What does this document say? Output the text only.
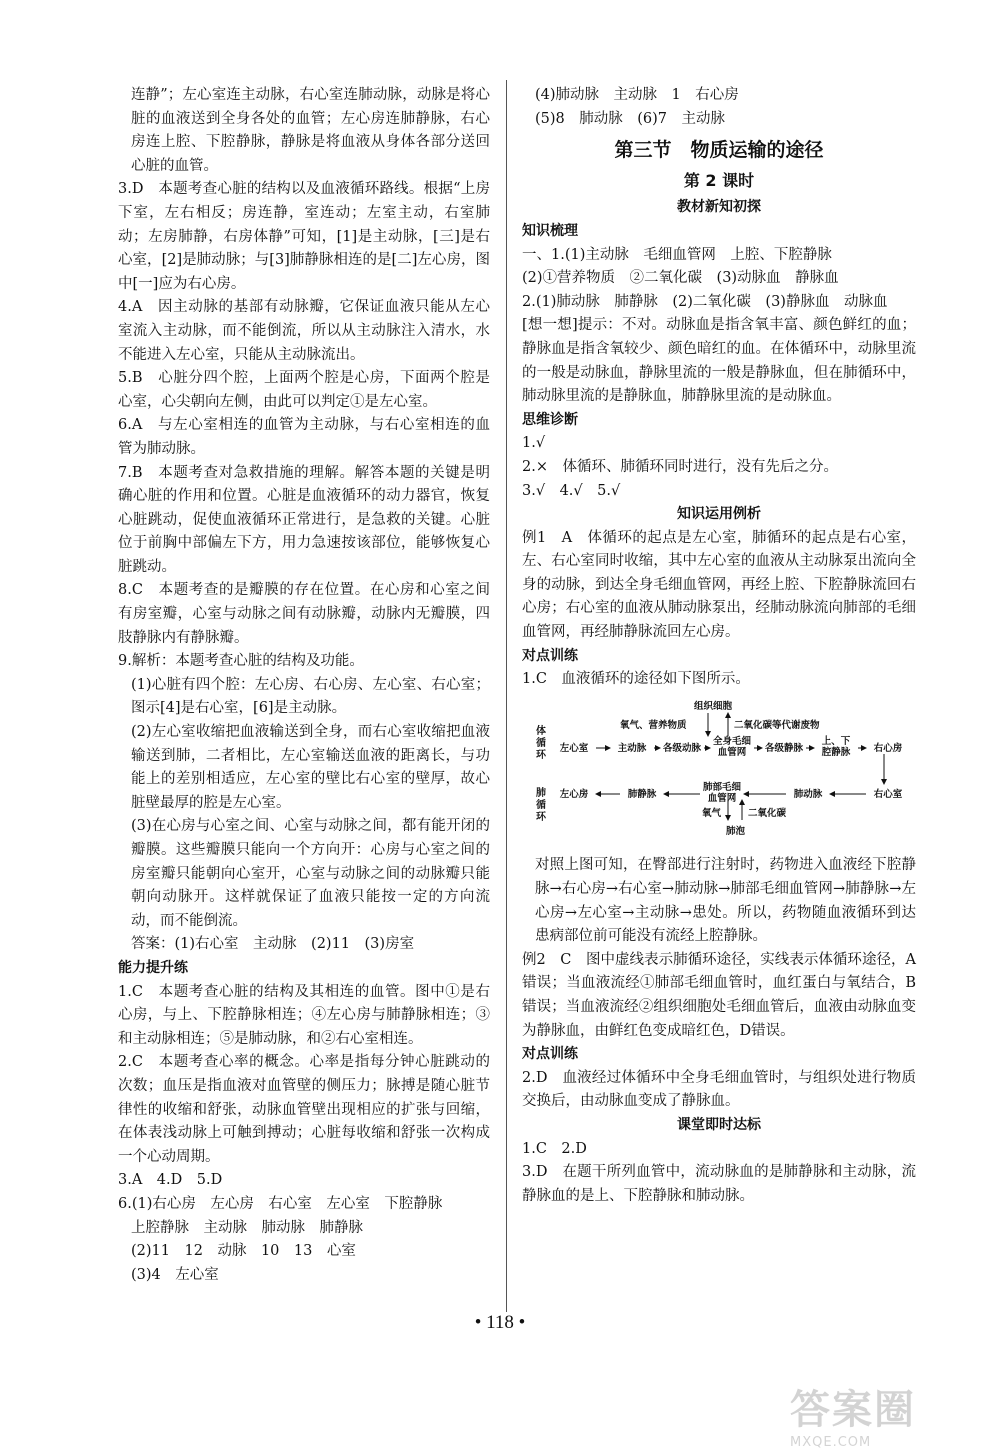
连静”；左心室连主动脉，右心室连肺动脉，动脉是将心脏的血液送到全身各处的血管；左心房连肺静脉，右心房连上腔、下腔静脉，静脉是将血液从身体各部分送回心脏的血管。

3.D　本题考查心脏的结构以及血液循环路线。根据“上房下室，左右相反；房连静，室连动；左室主动，右室肺动；左房肺静，右房体静”可知，[1]是主动脉，[三]是右心室，[2]是肺动脉；与[3]肺静脉相连的是[二]左心房，图中[一]应为右心房。

4.A　因主动脉的基部有动脉瓣，它保证血液只能从左心室流入主动脉，而不能倒流，所以从主动脉注入清水，水不能进入左心室，只能从主动脉流出。

5.B　心脏分四个腔，上面两个腔是心房，下面两个腔是心室，心尖朝向左侧，由此可以判定①是左心室。

6.A　与左心室相连的血管为主动脉，与右心室相连的血管为肺动脉。

7.B　本题考查对急救措施的理解。解答本题的关键是明确心脏的作用和位置。心脏是血液循环的动力器官，恢复心脏跳动，促使血液循环正常进行，是急救的关键。心脏位于前胸中部偏左下方，用力急速按该部位，能够恢复心脏跳动。

8.C　本题考查的是瓣膜的存在位置。在心房和心室之间有房室瓣，心室与动脉之间有动脉瓣，动脉内无瓣膜，四肢静脉内有静脉瓣。

9.解析：本题考查心脏的结构及功能。

(1)心脏有四个腔：左心房、右心房、左心室、右心室；图示[4]是右心室，[6]是主动脉。

(2)左心室收缩把血液输送到全身，而右心室收缩把血液输送到肺，二者相比，左心室输送血液的距离长，与功能上的差别相适应，左心室的壁比右心室的壁厚，故心脏壁最厚的腔是左心室。

(3)在心房与心室之间、心室与动脉之间，都有能开闭的瓣膜。这些瓣膜只能向一个方向开：心房与心室之间的房室瓣只能朝向心室开，心室与动脉之间的动脉瓣只能朝向动脉开。这样就保证了血液只能按一定的方向流动，而不能倒流。

答案：(1)右心室　主动脉　(2)11　(3)房室

能力提升练

1.C　本题考查心脏的结构及其相连的血管。图中①是右心房，与上、下腔静脉相连；④左心房与肺静脉相连；③和主动脉相连；⑤是肺动脉，和②右心室相连。

2.C　本题考查心率的概念。心率是指每分钟心脏跳动的次数；血压是指血液对血管壁的侧压力；脉搏是随心脏节律性的收缩和舒张，动脉血管壁出现相应的扩张与回缩，在体表浅动脉上可触到搏动；心脏每收缩和舒张一次构成一个心动周期。

3.A　4.D　5.D

6.(1)右心房　左心房　右心室　左心室　下腔静脉

上腔静脉　主动脉　肺动脉　肺静脉

(2)11　12　动脉　10　13　心室

(3)4　左心室

(4)肺动脉　主动脉　1　右心房

(5)8　肺动脉　(6)7　主动脉

第三节　物质运输的途径
第 2 课时

教材新知初探

知识梳理

一、1.(1)主动脉　毛细血管网　上腔、下腔静脉

(2)①营养物质　②二氧化碳　(3)动脉血　静脉血

2.(1)肺动脉　肺静脉　(2)二氧化碳　(3)静脉血　动脉血

[想一想]提示：不对。动脉血是指含氧丰富、颜色鲜红的血；静脉血是指含氧较少、颜色暗红的血。在体循环中，动脉里流的一般是动脉血，静脉里流的一般是静脉血，但在肺循环中，肺动脉里流的是静脉血，肺静脉里流的是动脉血。

思维诊断

1.√

2.×　体循环、肺循环同时进行，没有先后之分。

3.√　4.√　5.√

知识运用例析

例1　A　体循环的起点是左心室，肺循环的起点是右心室，左、右心室同时收缩，其中左心室的血液从主动脉泵出流向全身的动脉，到达全身毛细血管网，再经上腔、下腔静脉流回右心房；右心室的血液从肺动脉泵出，经肺动脉流向肺部的毛细血管网，再经肺静脉流回左心房。

对点训练

1.C　血液循环的途径如下图所示。

体循环
肺循环
组织细胞
氧气、营养物质	二氧化碳等代谢废物
左心室	主动脉 各级动脉
全身毛细血管网	各级静脉
上、下腔静脉 右心房
左心房	肺静脉
肺部毛细血管网	肺动脉	右心室
氧气	二氧化碳
肺泡

对照上图可知，在臀部进行注射时，药物进入血液经下腔静脉→右心房→右心室→肺动脉→肺部毛细血管网→肺静脉→左心房→左心室→主动脉→患处。所以，药物随血液循环到达患病部位前可能没有流经上腔静脉。

例2　C　图中虚线表示肺循环途径，实线表示体循环途径，A错误；当血液流经①肺部毛细血管时，血红蛋白与氧结合，B错误；当血液流经②组织细胞处毛细血管后，血液由动脉血变为静脉血，由鲜红色变成暗红色，D错误。

对点训练

2.D　血液经过体循环中全身毛细血管时，与组织处进行物质交换后，由动脉血变成了静脉血。

课堂即时达标

1.C　2.D

3.D　在题干所列血管中，流动脉血的是肺静脉和主动脉，流静脉血的是上、下腔静脉和肺动脉。

• 118 •
答案圈
MXQE.COM
